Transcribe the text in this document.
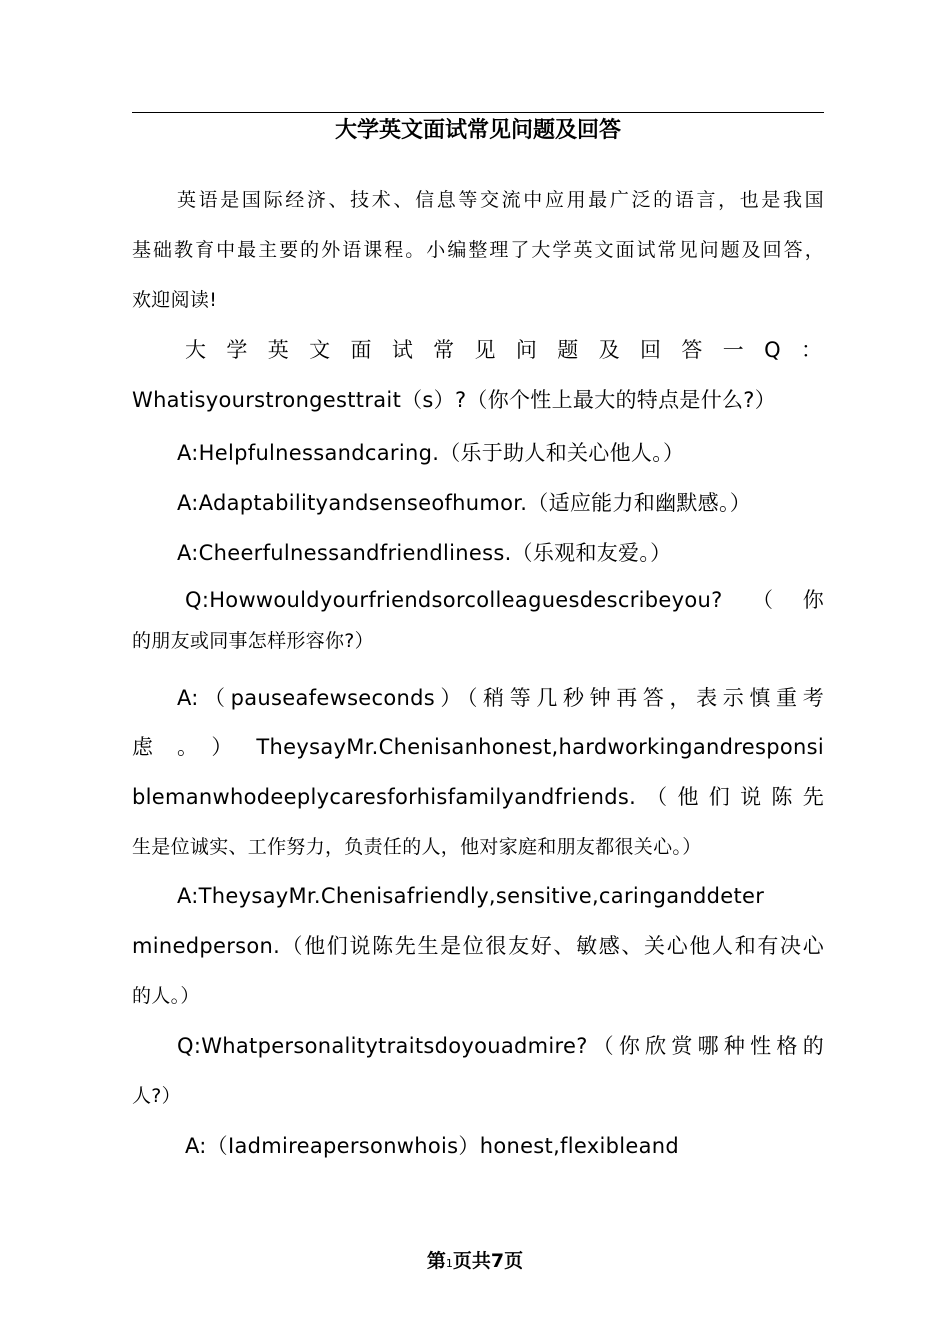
大学英文面试常见问题及回答

英语是国际经济、技术、信息等交流中应用最广泛的语言，也是我国

基础教育中最主要的外语课程。小编整理了大学英文面试常见问题及回答，

欢迎阅读!

大学英文面试常见问题及回答一Q：

Whatisyourstrongesttrait（s）?（你个性上最大的特点是什么?）

A:Helpfulnessandcaring.（乐于助人和关心他人。）

A:Adaptabilityandsenseofhumor.（适应能力和幽默感。）

A:Cheerfulnessandfriendliness.（乐观和友爱。）

Q:Howwouldyourfriendsorcolleaguesdescribeyou?（你

的朋友或同事怎样形容你?）

A:（pauseafewseconds）（稍等几秒钟再答，表示慎重考

虑。）TheysayMr.Chenisanhonest,hardworkingandresponsi

blemanwhodeeplycaresforhisfamilyandfriends.（他们说陈先

生是位诚实、工作努力，负责任的人，他对家庭和朋友都很关心。）

A:TheysayMr.Chenisafriendly,sensitive,caringanddeter

minedperson.（他们说陈先生是位很友好、敏感、关心他人和有决心

的人。）

Q:Whatpersonalitytraitsdoyouadmire?（你欣赏哪种性格的

人?）

A:（Iadmireapersonwhois）honest,flexibleand

第1页共7页
